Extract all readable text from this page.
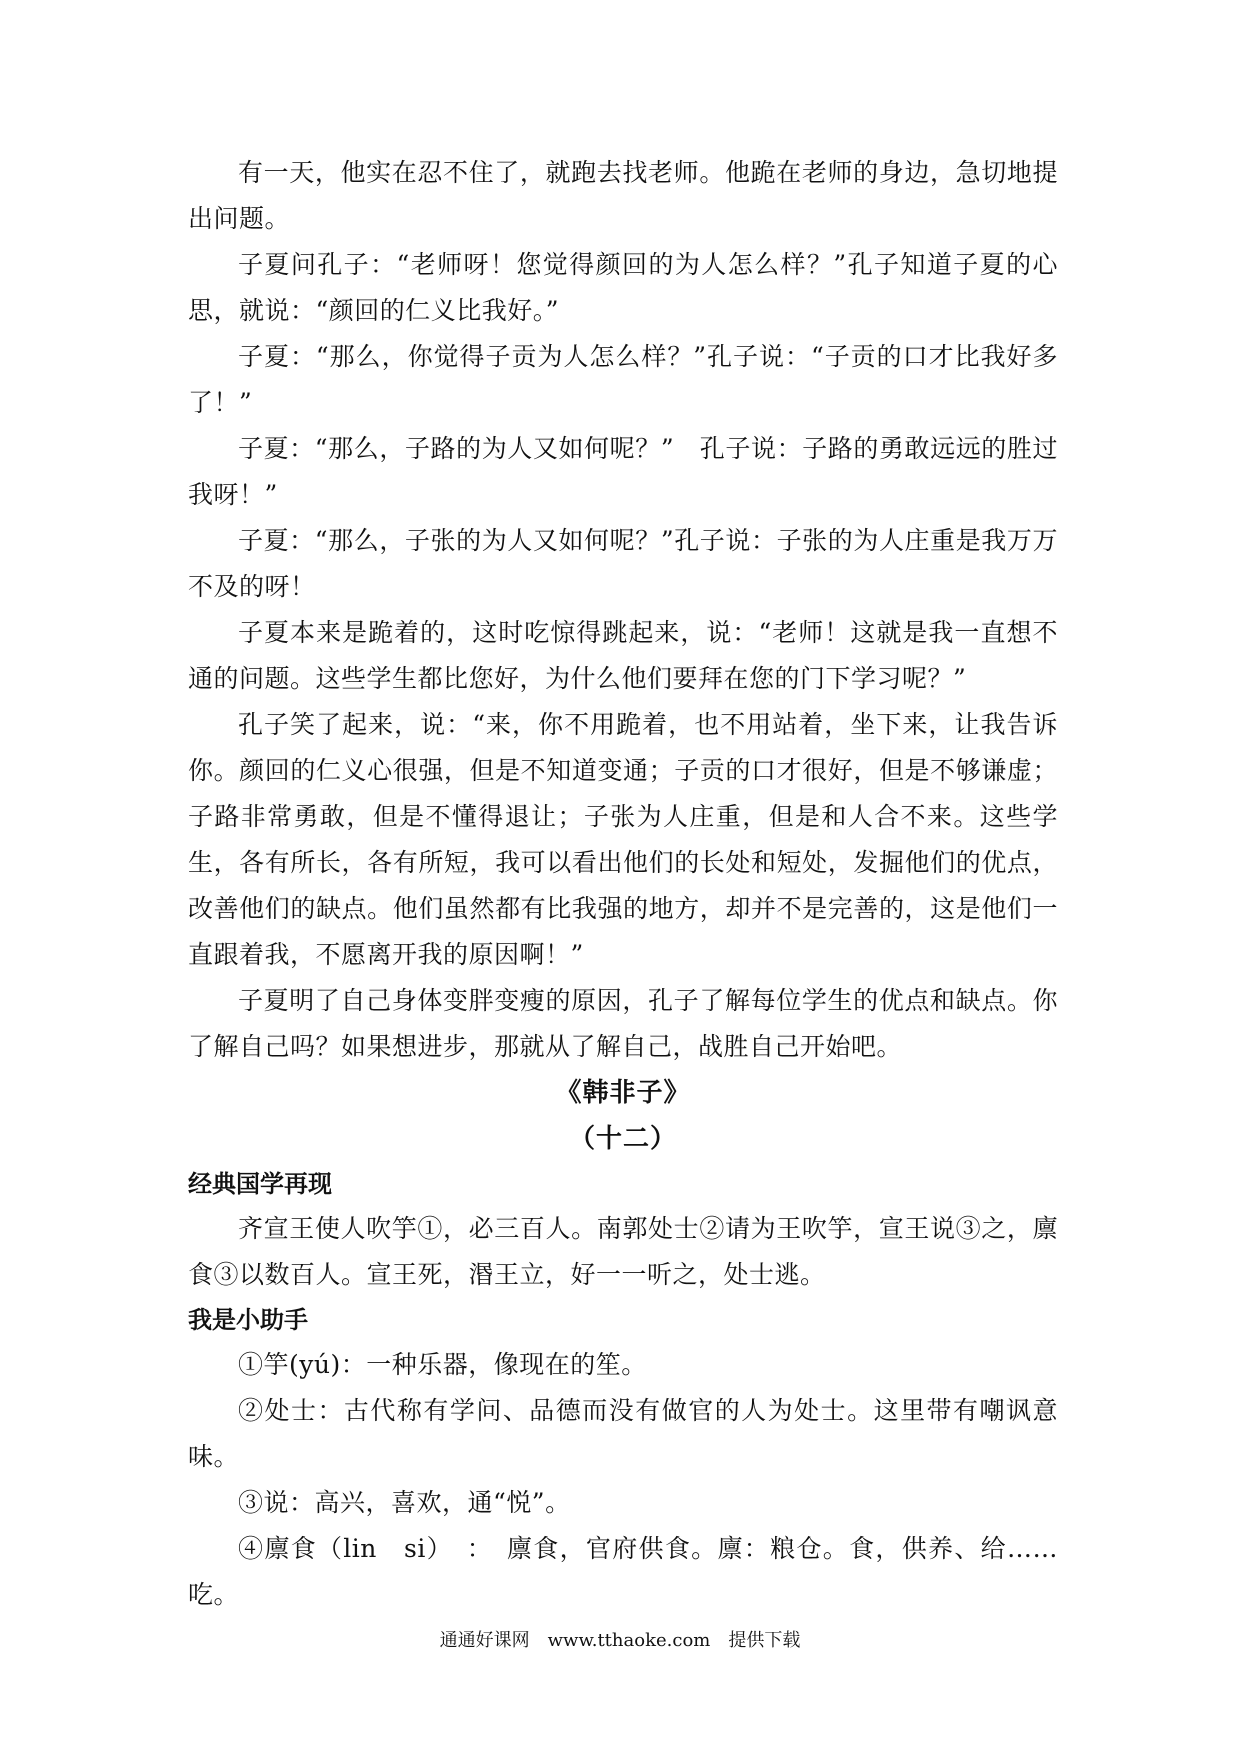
有一天，他实在忍不住了，就跑去找老师。他跪在老师的身边，急切地提出问题。

子夏问孔子：“老师呀！您觉得颜回的为人怎么样？”孔子知道子夏的心思，就说：“颜回的仁义比我好。”

子夏：“那么，你觉得子贡为人怎么样？”孔子说：“子贡的口才比我好多了！”

子夏：“那么，子路的为人又如何呢？”　孔子说：子路的勇敢远远的胜过我呀！”

子夏：“那么，子张的为人又如何呢？”孔子说：子张的为人庄重是我万万不及的呀！

子夏本来是跪着的，这时吃惊得跳起来，说：“老师！这就是我一直想不通的问题。这些学生都比您好，为什么他们要拜在您的门下学习呢？”

孔子笑了起来，说：“来，你不用跪着，也不用站着，坐下来，让我告诉你。颜回的仁义心很强，但是不知道变通；子贡的口才很好，但是不够谦虚；子路非常勇敢，但是不懂得退让；子张为人庄重，但是和人合不来。这些学生，各有所长，各有所短，我可以看出他们的长处和短处，发掘他们的优点，改善他们的缺点。他们虽然都有比我强的地方，却并不是完善的，这是他们一直跟着我，不愿离开我的原因啊！”

子夏明了自己身体变胖变瘦的原因，孔子了解每位学生的优点和缺点。你了解自己吗？如果想进步，那就从了解自己，战胜自己开始吧。

《韩非子》
（十二）
经典国学再现

齐宣王使人吹竽①，必三百人。南郭处士②请为王吹竽，宣王说③之，廪食③以数百人。宣王死，湣王立，好一一听之，处士逃。

我是小助手

①竽(yú)：一种乐器，像现在的笙。

②处士：古代称有学问、品德而没有做官的人为处士。这里带有嘲讽意味。

③说：高兴，喜欢，通“悦”。

④廪食（lin　si）　：　廪食，官府供食。廪：粮仓。食，供养、给……吃。

通通好课网　www.tthaoke.com　提供下载
